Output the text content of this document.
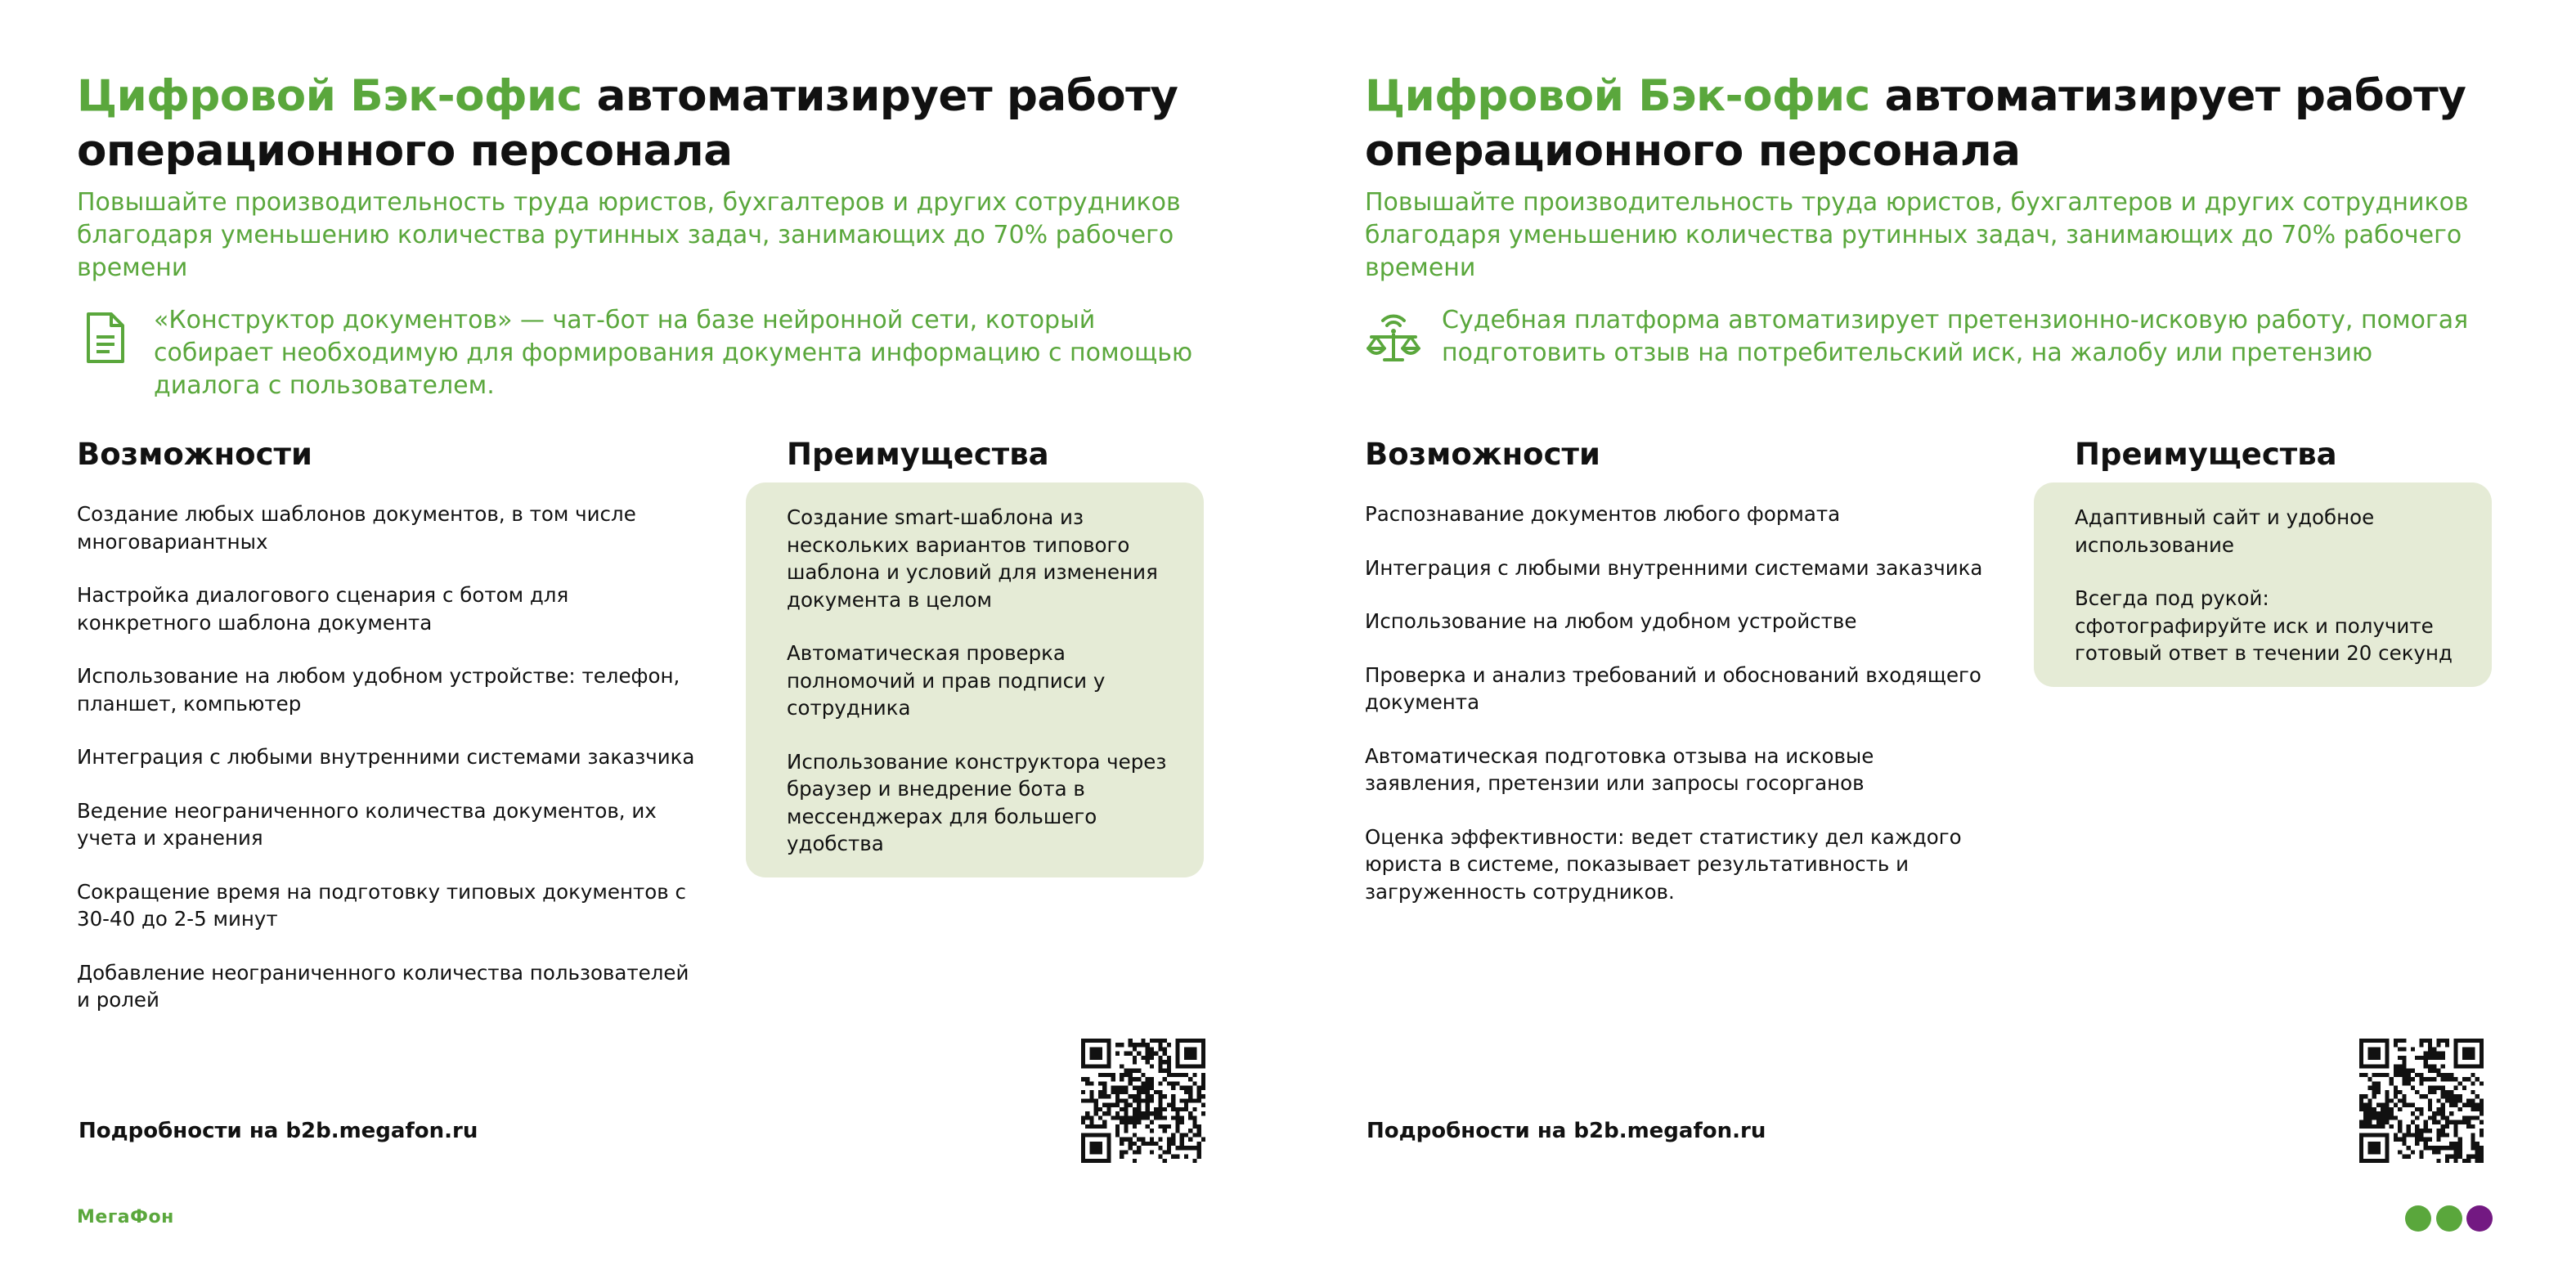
Цифровой Бэк-офис автоматизирует работу операционного персонала

Повышайте производительность труда юристов, бухгалтеров и других сотрудников благодаря уменьшению количества рутинных задач, занимающих до 70% рабочего времени

«Конструктор документов» — чат-бот на базе нейронной сети, который собирает необходимую для формирования документа информацию с помощью диалога с пользователем.

Возможности
Создание любых шаблонов документов, в том числе многовариантных
Настройка диалогового сценария с ботом для конкретного шаблона документа
Использование на любом удобном устройстве: телефон, планшет, компьютер
Интеграция с любыми внутренними системами заказчика
Ведение неограниченного количества документов, их учета и хранения
Сокращение время на подготовку типовых документов с 30-40 до 2-5 минут
Добавление неограниченного количества пользователей и ролей
Преимущества
Создание smart-шаблона из нескольких вариантов типового шаблона и условий для изменения документа в целом
Автоматическая проверка полномочий и прав подписи у сотрудника
Использование конструктора через браузер и внедрение бота в мессенджерах для большего удобства
Подробности на b2b.megafon.ru
МегаФон
Цифровой Бэк-офис автоматизирует работу операционного персонала

Повышайте производительность труда юристов, бухгалтеров и других сотрудников благодаря уменьшению количества рутинных задач, занимающих до 70% рабочего времени

Судебная платформа автоматизирует претензионно-исковую работу, помогая подготовить отзыв на потребительский иск, на жалобу или претензию

Возможности
Распознавание документов любого формата
Интеграция с любыми внутренними системами заказчика
Использование на любом удобном устройстве
Проверка и анализ требований и обоснований входящего документа
Автоматическая подготовка отзыва на исковые заявления, претензии или запросы госорганов
Оценка эффективности: ведет статистику дел каждого юриста в системе, показывает результативность и загруженность сотрудников.
Преимущества
Адаптивный сайт и удобное использование
Всегда под рукой: сфотографируйте иск и получите готовый ответ в течении 20 секунд
Подробности на b2b.megafon.ru
